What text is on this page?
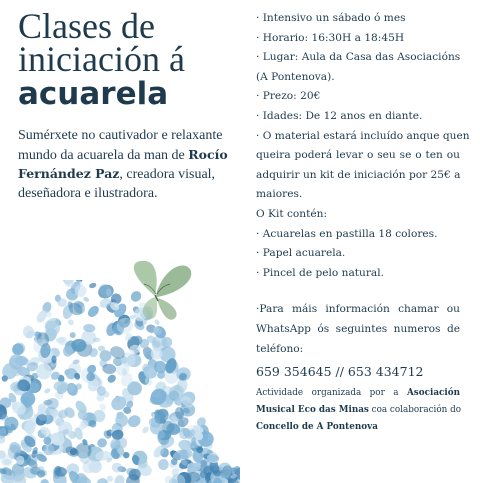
Clases de
iniciación á
acuarela
Sumérxete no cautivador e relaxante mundo da acuarela da man de Rocío Fernández Paz, creadora visual, deseñadora e ilustradora.
· Intensivo un sábado ó mes
· Horario: 16:30H a 18:45H
· Lugar: Aula da Casa das Asociacións
(A Pontenova).
· Prezo: 20€
· Idades: De 12 anos en diante.
· O material estará incluído anque quen
queira poderá levar o seu se o ten ou
adquirir un kit de iniciación por 25€ a
maiores.
O Kit contén:
· Acuarelas en pastilla 18 colores.
· Papel acuarela.
· Pincel de pelo natural.
·Para máis información chamar ou
WhatsApp ós seguintes numeros de
teléfono:
659 354645 // 653 434712
Actividade organizada por a Asociación
Musical Eco das Minas coa colaboración do
Concello de A Pontenova
